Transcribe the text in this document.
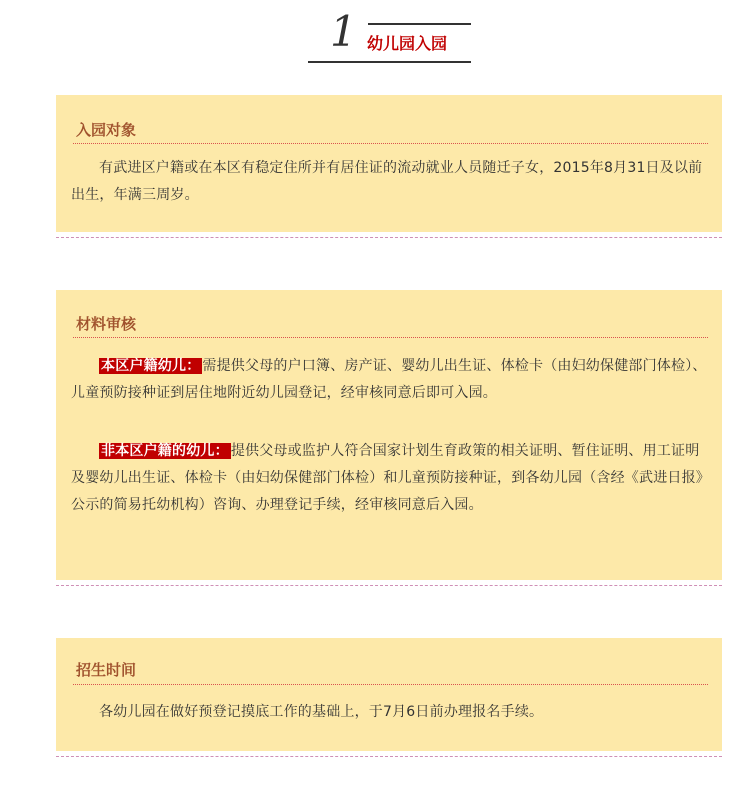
1 幼儿园入园
入园对象

有武进区户籍或在本区有稳定住所并有居住证的流动就业人员随迁子女，2015年8月31日及以前出生，年满三周岁。

材料审核

本区户籍幼儿： 需提供父母的户口簿、房产证、婴幼儿出生证、体检卡（由妇幼保健部门体检）、儿童预防接种证到居住地附近幼儿园登记，经审核同意后即可入园。

非本区户籍的幼儿： 提供父母或监护人符合国家计划生育政策的相关证明、暂住证明、用工证明及婴幼儿出生证、体检卡（由妇幼保健部门体检）和儿童预防接种证，到各幼儿园（含经《武进日报》公示的简易托幼机构）咨询、办理登记手续，经审核同意后入园。

招生时间

各幼儿园在做好预登记摸底工作的基础上，于7月6日前办理报名手续。
